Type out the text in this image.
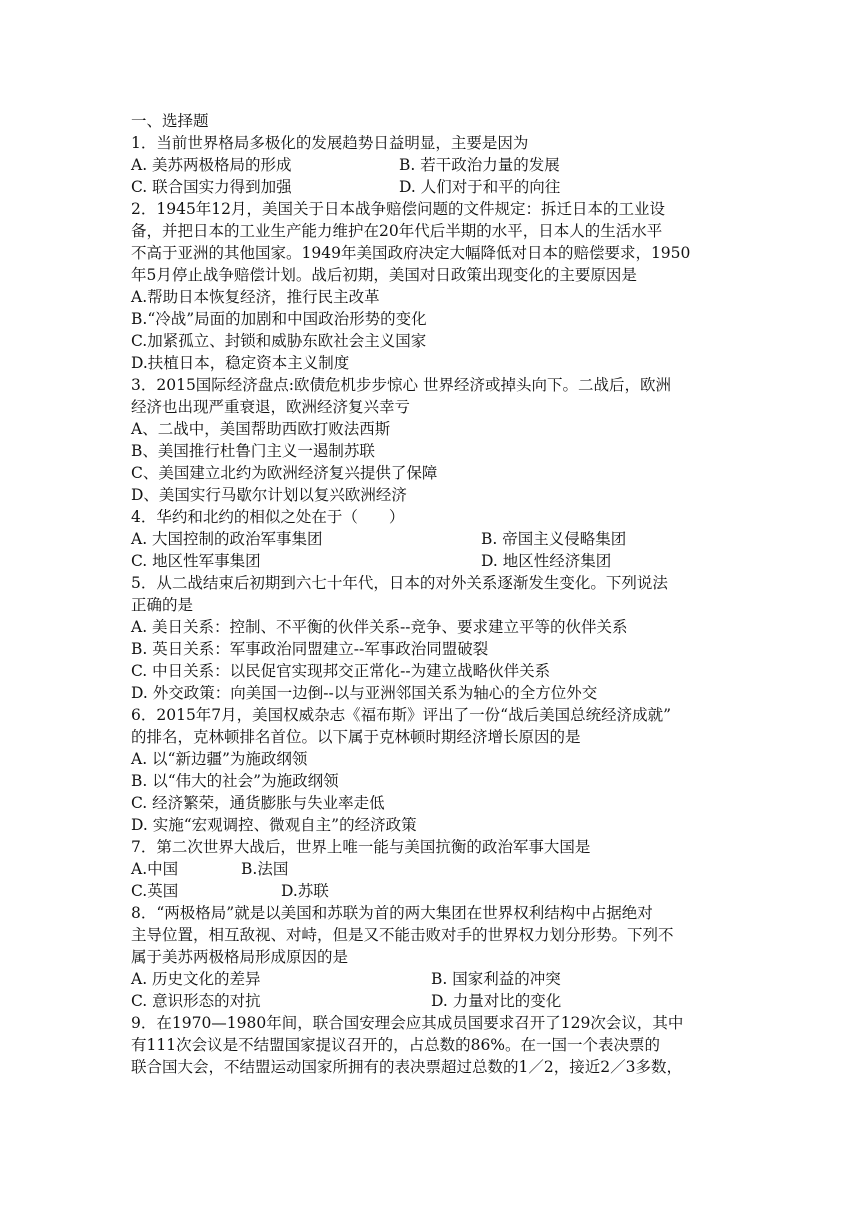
一、选择题
1．当前世界格局多极化的发展趋势日益明显，主要是因为
A. 美苏两极格局的形成	B. 若干政治力量的发展
C. 联合国实力得到加强	D. 人们对于和平的向往
2．1945年12月，美国关于日本战争赔偿问题的文件规定：拆迁日本的工业设
备，并把日本的工业生产能力维护在20年代后半期的水平，日本人的生活水平
不高于亚洲的其他国家。1949年美国政府决定大幅降低对日本的赔偿要求，1950
年5月停止战争赔偿计划。战后初期，美国对日政策出现变化的主要原因是
A.帮助日本恢复经济，推行民主改革
B.“冷战”局面的加剧和中国政治形势的变化
C.加紧孤立、封锁和威胁东欧社会主义国家
D.扶植日本，稳定资本主义制度
3．2015国际经济盘点:欧债危机步步惊心 世界经济或掉头向下。二战后，欧洲
经济也出现严重衰退，欧洲经济复兴幸亏
A、二战中，美国帮助西欧打败法西斯
B、美国推行杜鲁门主义一遏制苏联
C、美国建立北约为欧洲经济复兴提供了保障
D、美国实行马歇尔计划以复兴欧洲经济
4．华约和北约的相似之处在于（　　）
A. 大国控制的政治军事集团	B. 帝国主义侵略集团
C. 地区性军事集团	D. 地区性经济集团
5．从二战结束后初期到六七十年代，日本的对外关系逐渐发生变化。下列说法
正确的是
A. 美日关系：控制、不平衡的伙伴关系--竞争、要求建立平等的伙伴关系
B. 英日关系：军事政治同盟建立--军事政治同盟破裂
C. 中日关系：以民促官实现邦交正常化--为建立战略伙伴关系
D. 外交政策：向美国一边倒--以与亚洲邻国关系为轴心的全方位外交
6．2015年7月，美国权威杂志《福布斯》评出了一份“战后美国总统经济成就”
的排名，克林顿排名首位。以下属于克林顿时期经济增长原因的是
A. 以“新边疆”为施政纲领
B. 以“伟大的社会”为施政纲领
C. 经济繁荣，通货膨胀与失业率走低
D. 实施“宏观调控、微观自主”的经济政策
7．第二次世界大战后，世界上唯一能与美国抗衡的政治军事大国是
A.中国	B.法国
C.英国	D.苏联
8．“两极格局”就是以美国和苏联为首的两大集团在世界权利结构中占据绝对
主导位置，相互敌视、对峙，但是又不能击败对手的世界权力划分形势。下列不
属于美苏两极格局形成原因的是
A. 历史文化的差异	B. 国家利益的冲突
C. 意识形态的对抗	D. 力量对比的变化
9．在1970—1980年间，联合国安理会应其成员国要求召开了129次会议，其中
有111次会议是不结盟国家提议召开的，占总数的86%。在一国一个表决票的
联合国大会，不结盟运动国家所拥有的表决票超过总数的1／2，接近2／3多数，
